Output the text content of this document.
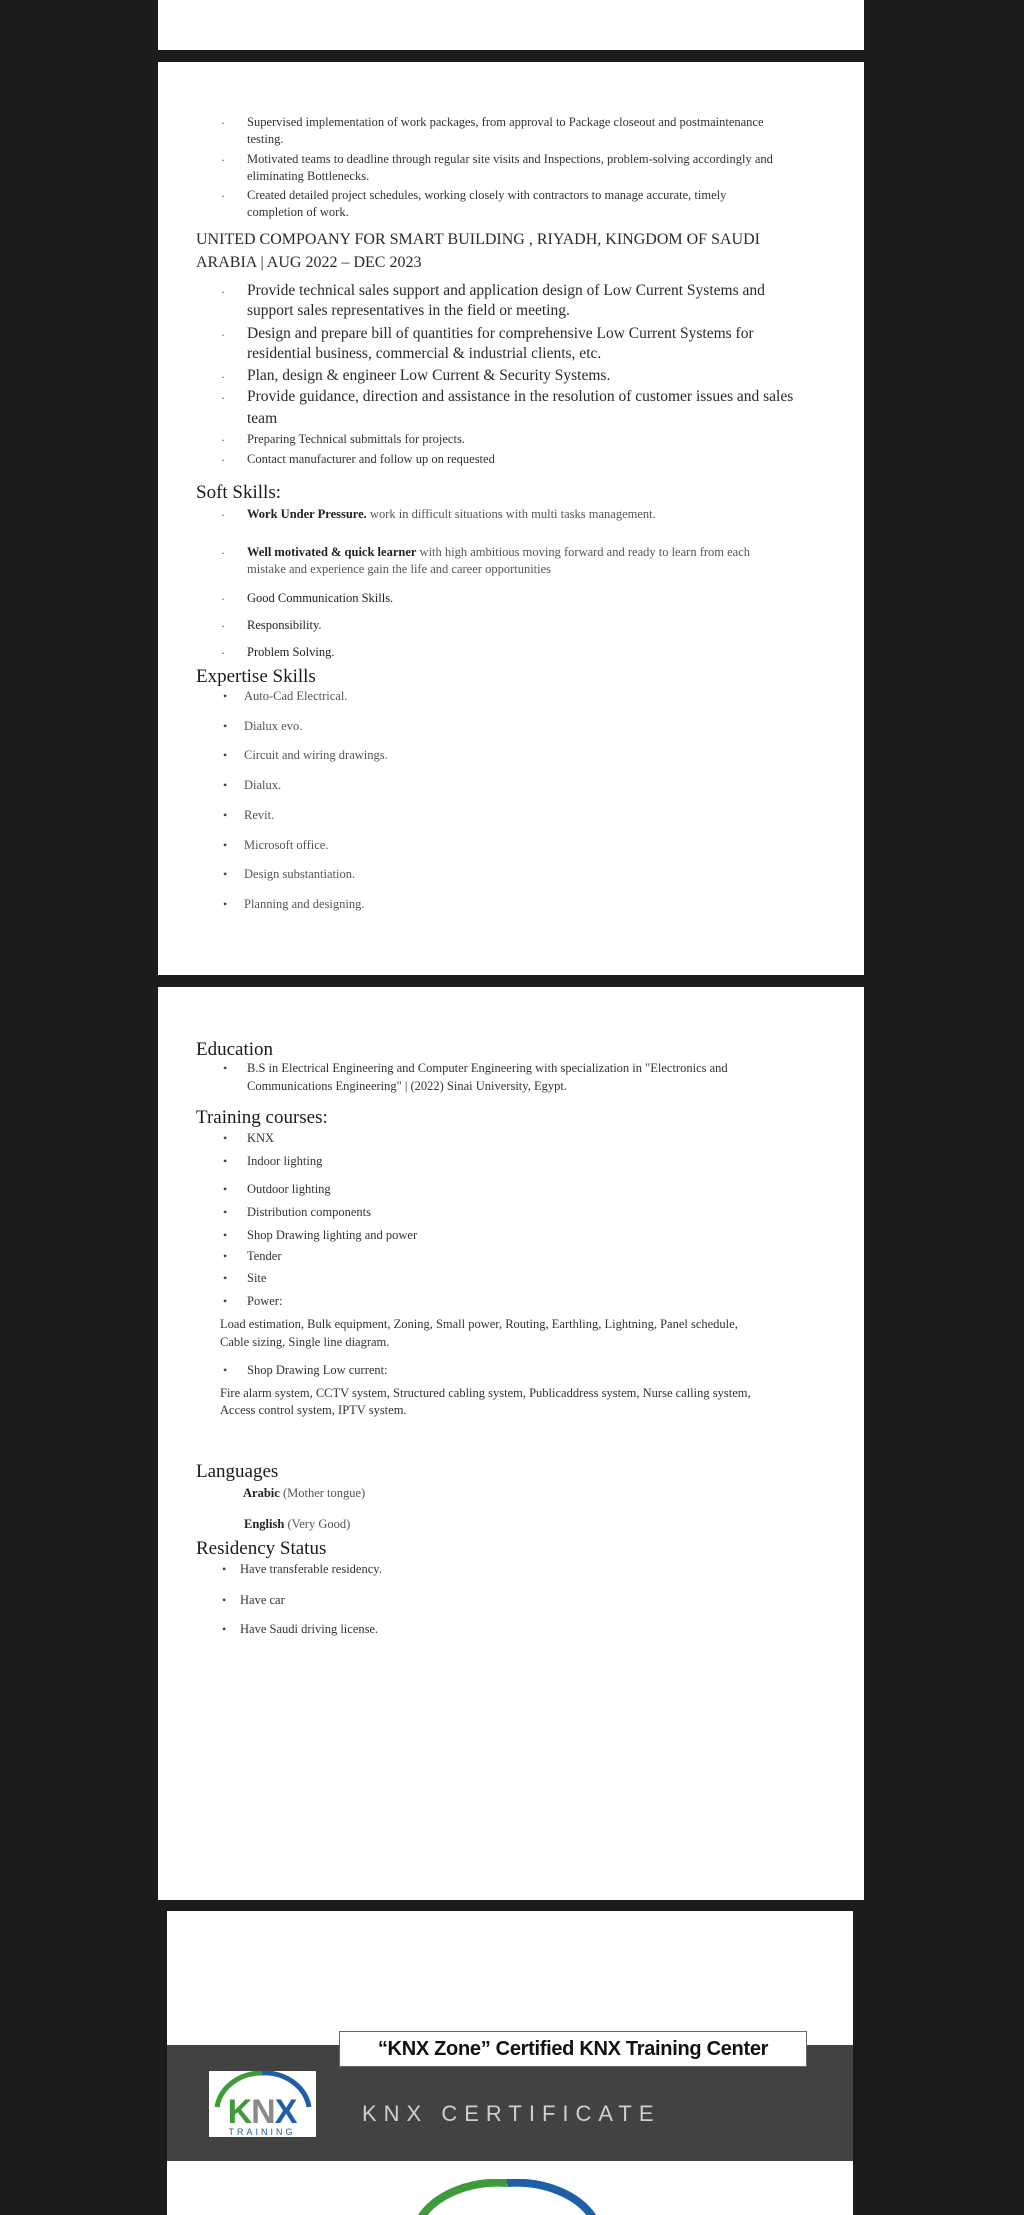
· Supervised implementation of work packages, from approval to Package closeout and postmaintenance
testing.
· Motivated teams to deadline through regular site visits and Inspections, problem-solving accordingly and
eliminating Bottlenecks.
· Created detailed project schedules, working closely with contractors to manage accurate, timely
completion of work.
UNITED COMPOANY FOR SMART BUILDING , RIYADH, KINGDOM OF SAUDI
ARABIA | AUG 2022 – DEC 2023
· Provide technical sales support and application design of Low Current Systems and
support sales representatives in the field or meeting.
· Design and prepare bill of quantities for comprehensive Low Current Systems for
residential business, commercial & industrial clients, etc.
· Plan, design & engineer Low Current & Security Systems.
· Provide guidance, direction and assistance in the resolution of customer issues and sales
team
· Preparing Technical submittals for projects.
· Contact manufacturer and follow up on requested
Soft Skills:
· Work Under Pressure. work in difficult situations with multi tasks management.
· Well motivated & quick learner with high ambitious moving forward and ready to learn from each
mistake and experience gain the life and career opportunities
· Good Communication Skills.
· Responsibility.
· Problem Solving.
Expertise Skills
• Auto-Cad Electrical.
• Dialux evo.
• Circuit and wiring drawings.
• Dialux.
• Revit.
• Microsoft office.
• Design substantiation.
• Planning and designing.
Education
• B.S in Electrical Engineering and Computer Engineering with specialization in "Electronics and
Communications Engineering" | (2022) Sinai University, Egypt.
Training courses:
• KNX
• Indoor lighting
• Outdoor lighting
• Distribution components
• Shop Drawing lighting and power
• Tender
• Site
• Power:
Load estimation, Bulk equipment, Zoning, Small power, Routing, Earthling, Lightning, Panel schedule,
Cable sizing, Single line diagram.
• Shop Drawing Low current:
Fire alarm system, CCTV system, Structured cabling system, Publicaddress system, Nurse calling system,
Access control system, IPTV system.
Languages
Arabic (Mother tongue)
English (Very Good)
Residency Status
• Have transferable residency.
• Have car
• Have Saudi driving license.
“KNX Zone” Certified KNX Training Center
KNX
TRAINING
KNX CERTIFICATE
